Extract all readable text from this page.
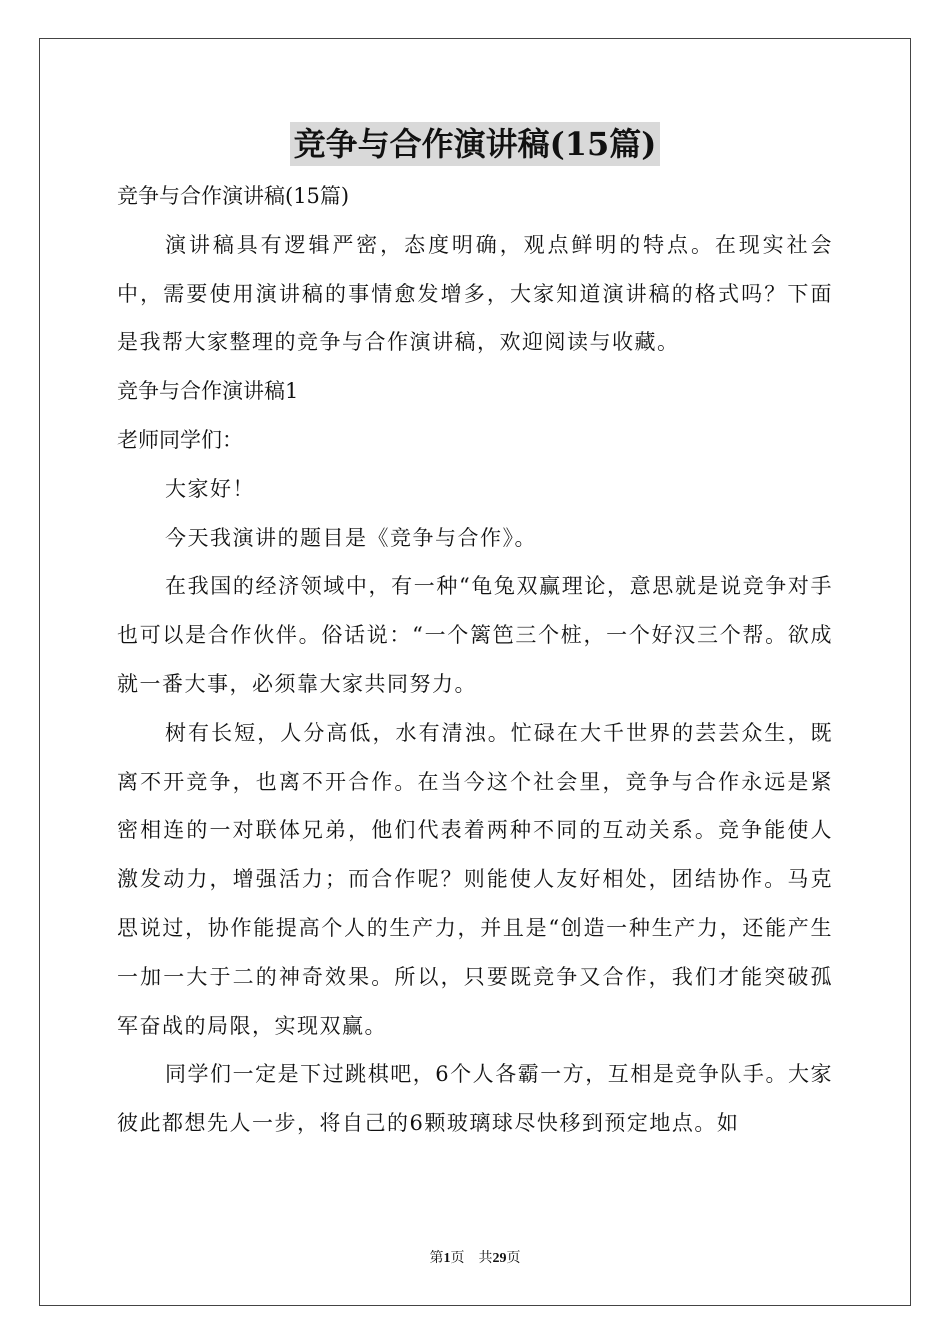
竞争与合作演讲稿(15篇)

竞争与合作演讲稿(15篇)

演讲稿具有逻辑严密，态度明确，观点鲜明的特点。在现实社会中，需要使用演讲稿的事情愈发增多，大家知道演讲稿的格式吗？下面是我帮大家整理的竞争与合作演讲稿，欢迎阅读与收藏。

竞争与合作演讲稿1

老师同学们：

大家好！

今天我演讲的题目是《竞争与合作》。

在我国的经济领域中，有一种“龟兔双赢理论，意思就是说竞争对手也可以是合作伙伴。俗话说：“一个篱笆三个桩，一个好汉三个帮。欲成就一番大事，必须靠大家共同努力。

树有长短，人分高低，水有清浊。忙碌在大千世界的芸芸众生，既离不开竞争，也离不开合作。在当今这个社会里，竞争与合作永远是紧密相连的一对联体兄弟，他们代表着两种不同的互动关系。竞争能使人激发动力，增强活力；而合作呢？则能使人友好相处，团结协作。马克思说过，协作能提高个人的生产力，并且是“创造一种生产力，还能产生一加一大于二的神奇效果。所以，只要既竞争又合作，我们才能突破孤军奋战的局限，实现双赢。

同学们一定是下过跳棋吧，6个人各霸一方，互相是竞争队手。大家彼此都想先人一步，将自己的6颗玻璃球尽快移到预定地点。如

第1页　共29页
